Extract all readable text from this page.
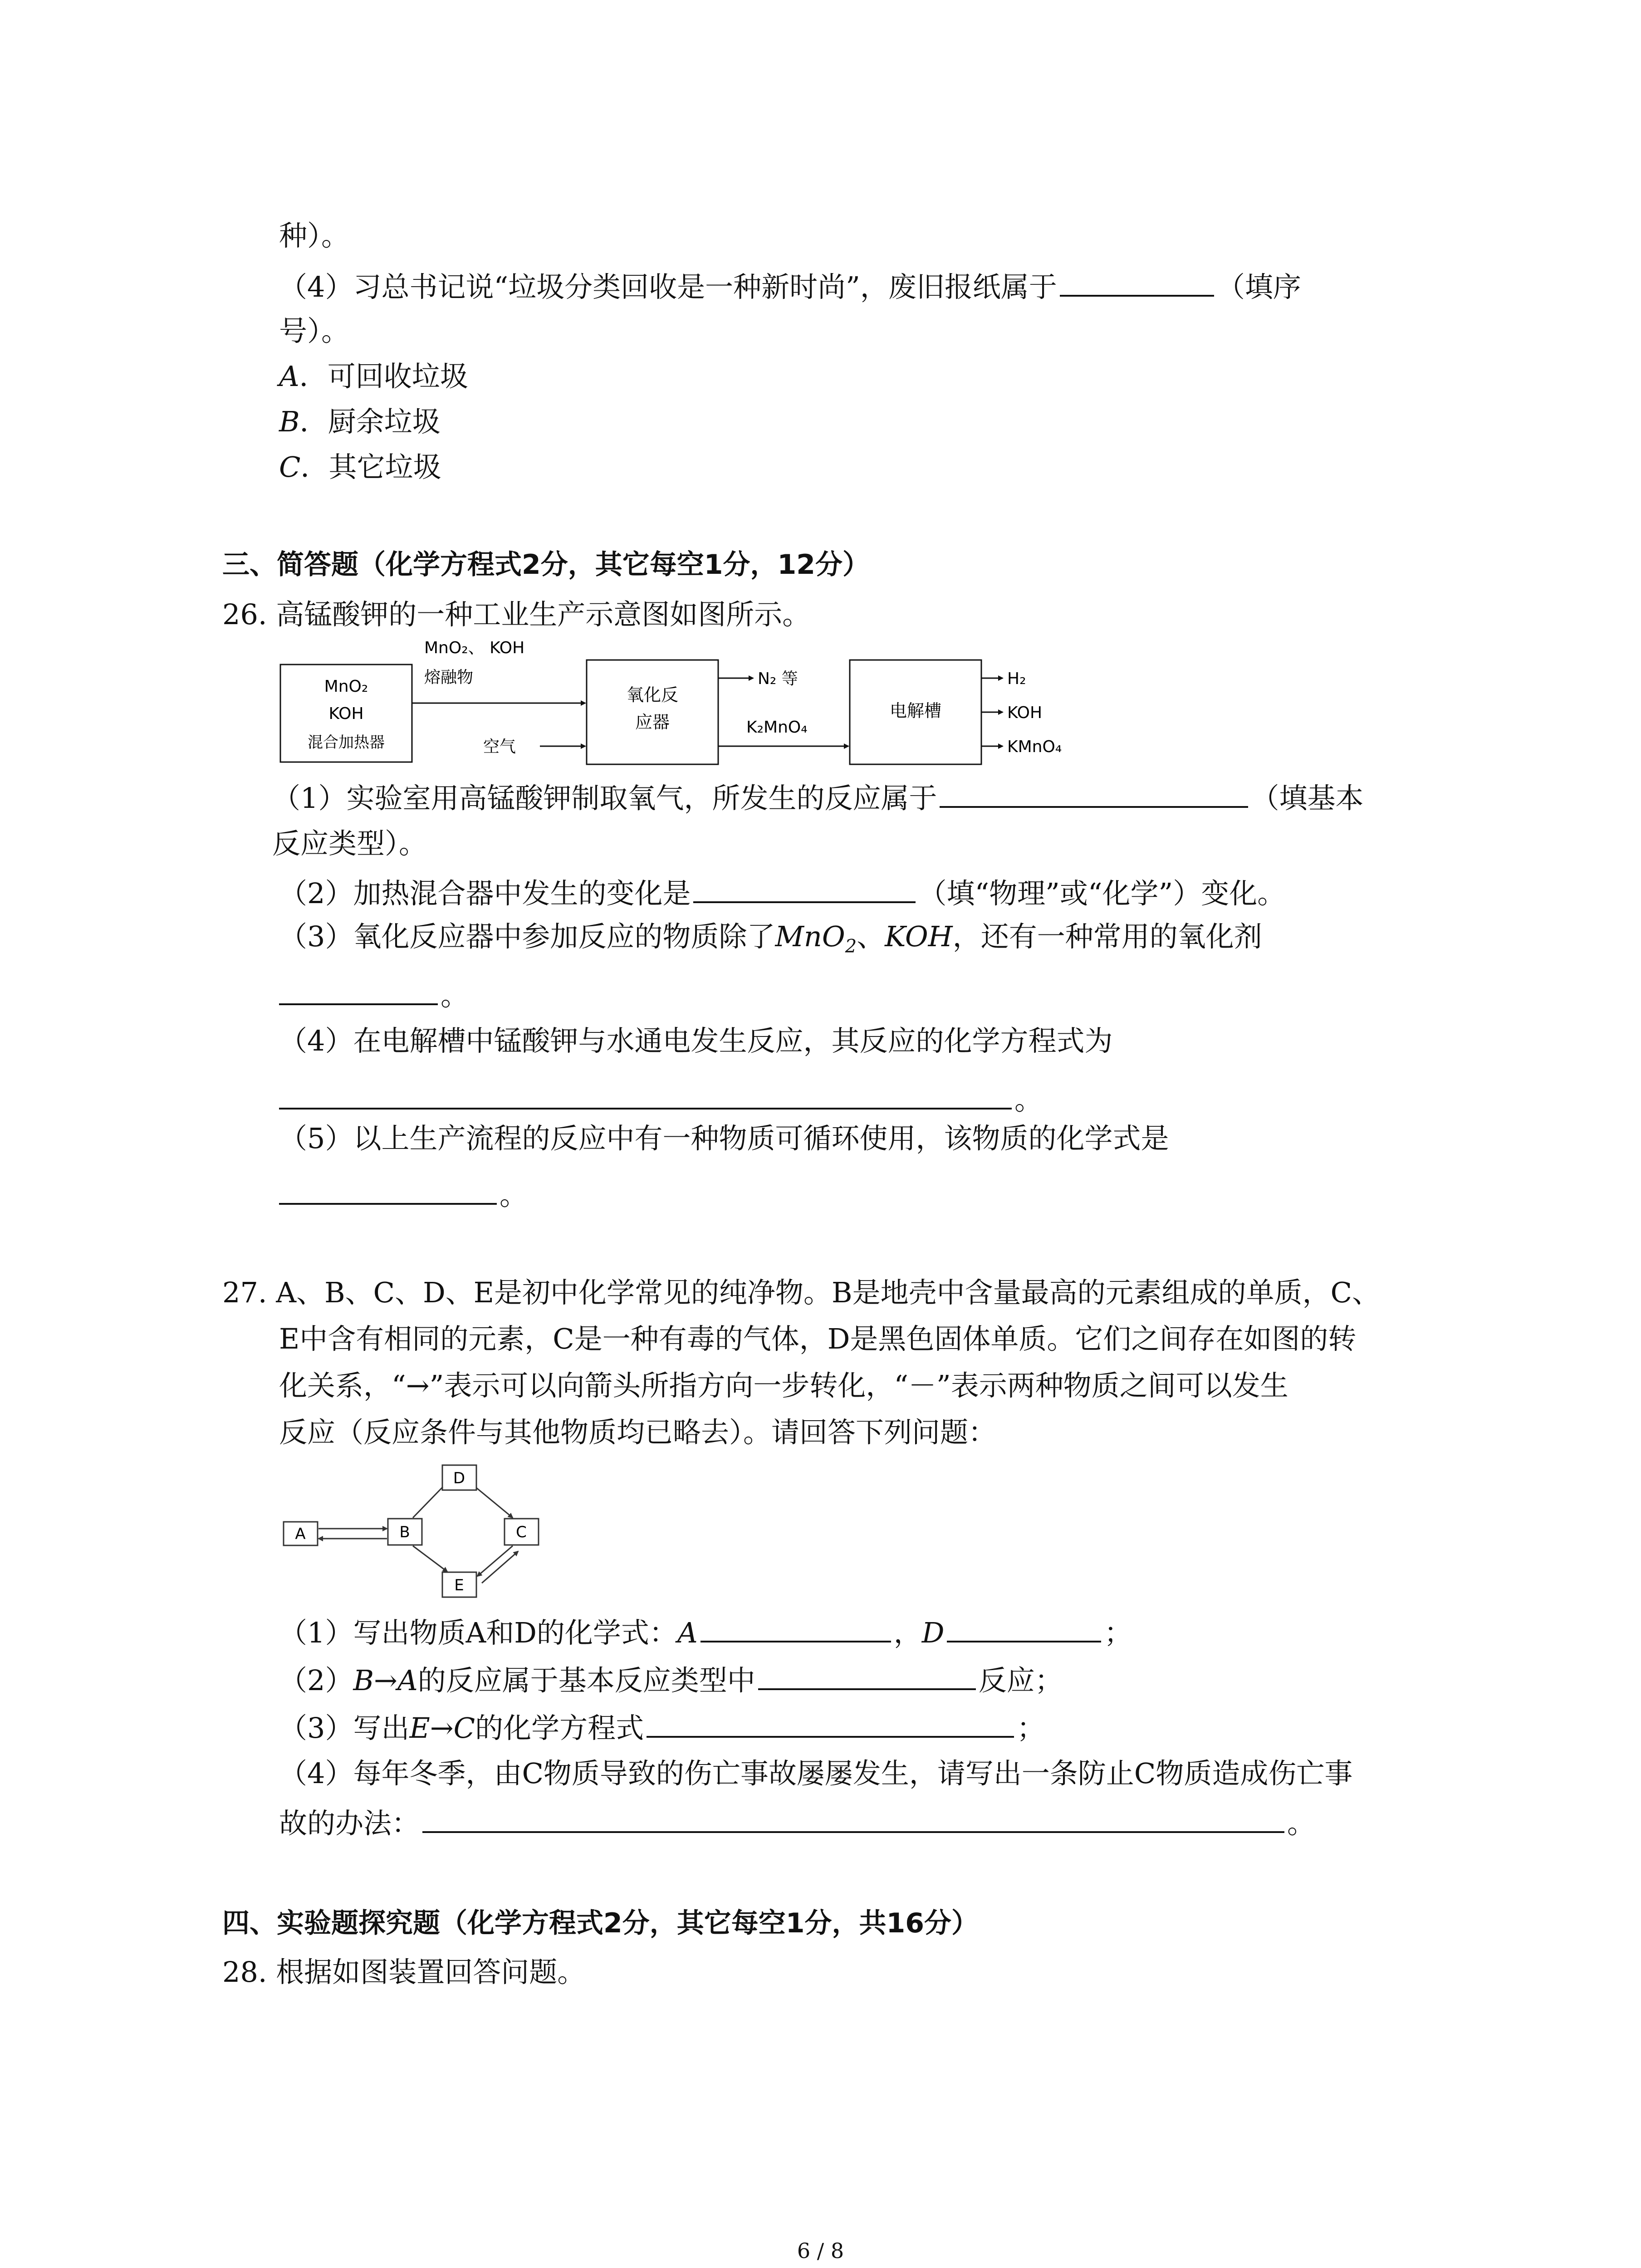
种）。
（4）习总书记说“垃圾分类回收是一种新时尚”，废旧报纸属于	（填序
号）。
A．可回收垃圾
B．厨余垃圾
C．其它垃圾
三、简答题（化学方程式2分，其它每空1分，12分）
26. 高锰酸钾的一种工业生产示意图如图所示。
MnO₂
KOH
混合加热器
MnO₂、 KOH
熔融物
空气
氧化反
应器
N₂ 等
K₂MnO₄
电解槽
H₂
KOH
KMnO₄
（1）实验室用高锰酸钾制取氧气，所发生的反应属于	（填基本
反应类型）。
（2）加热混合器中发生的变化是	（填“物理”或“化学”）变化。
（3）氧化反应器中参加反应的物质除了MnO$_2$、KOH，还有一种常用的氧化剂
。
（4）在电解槽中锰酸钾与水通电发生反应，其反应的化学方程式为
。
（5）以上生产流程的反应中有一种物质可循环使用，该物质的化学式是
。
27. A、B、C、D、E是初中化学常见的纯净物。B是地壳中含量最高的元素组成的单质，C、
E中含有相同的元素，C是一种有毒的气体，D是黑色固体单质。它们之间存在如图的转
化关系，“→”表示可以向箭头所指方向一步转化，“－”表示两种物质之间可以发生
反应（反应条件与其他物质均已略去）。请回答下列问题：
A	B
D
C
E
（1）写出物质A和D的化学式：A	，D	；
（2）B→A的反应属于基本反应类型中	反应；
（3）写出E→C的化学方程式	；
（4）每年冬季，由C物质导致的伤亡事故屡屡发生，请写出一条防止C物质造成伤亡事
故的办法：	。
四、实验题探究题（化学方程式2分，其它每空1分，共16分）
28. 根据如图装置回答问题。
6 / 8
